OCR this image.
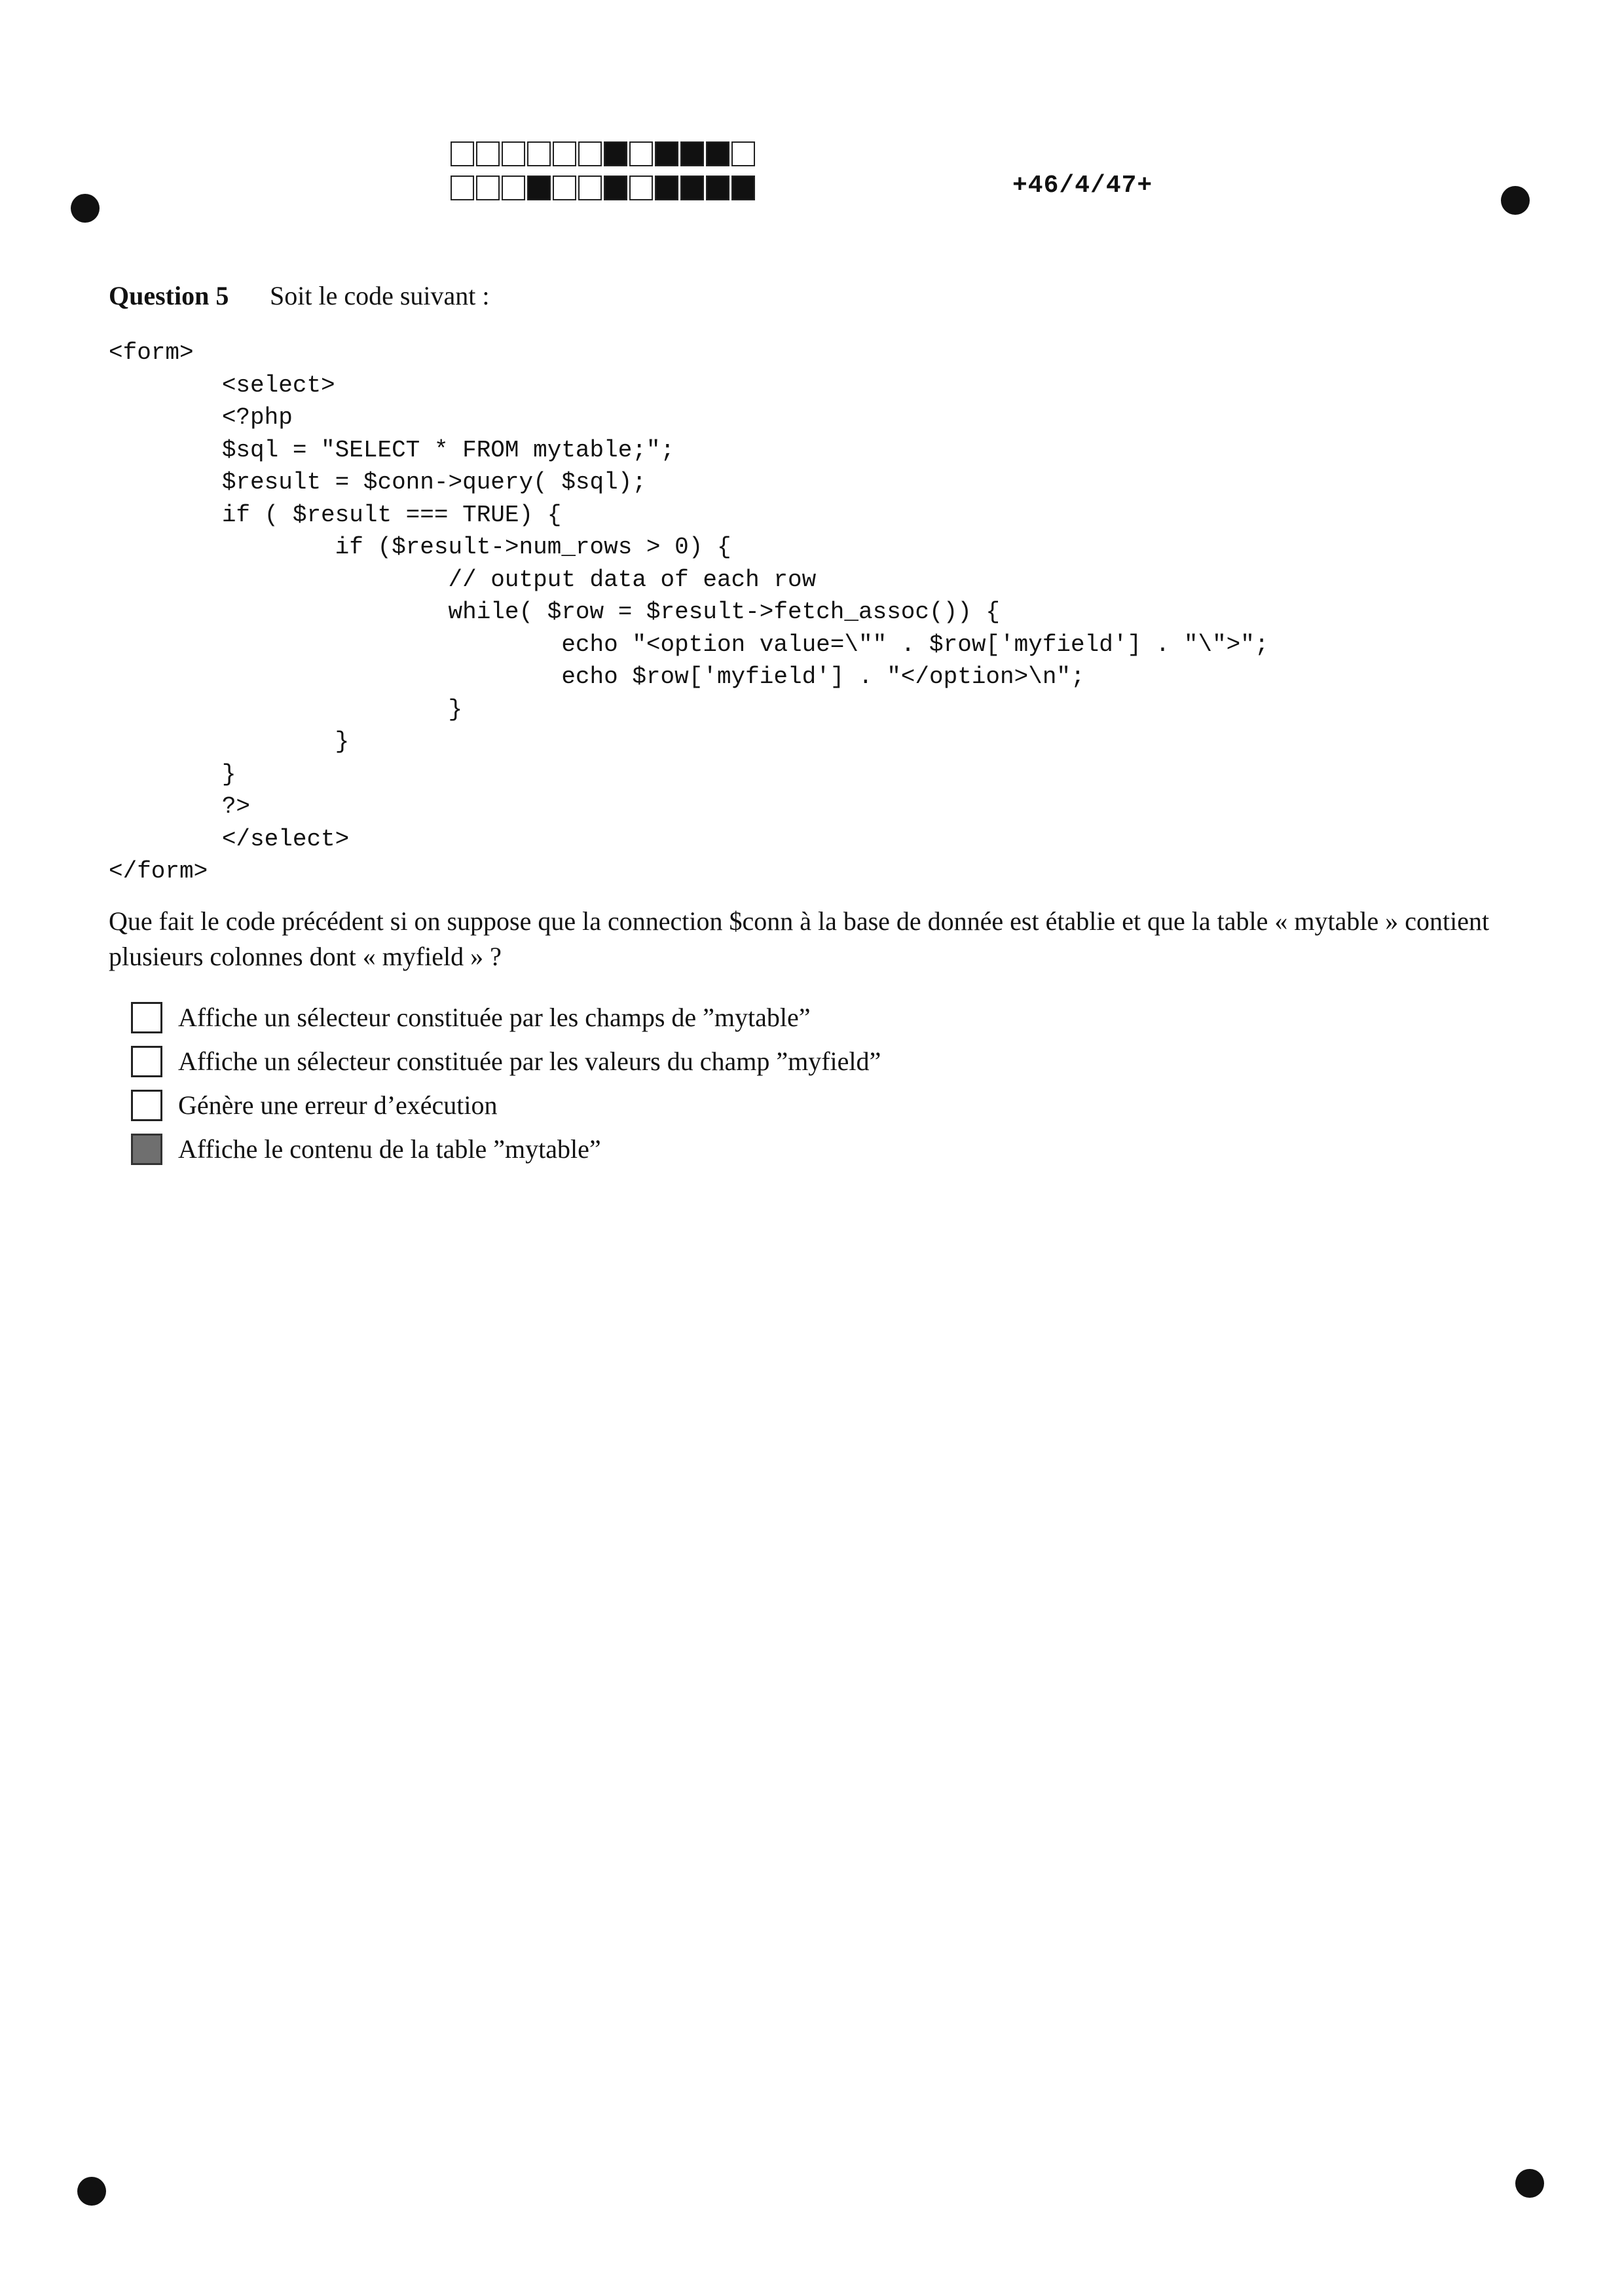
+46/4/47+
Question 5 Soit le code suivant :
<form>
<select>
<?php
$sql = "SELECT * FROM mytable;";
$result = $conn->query( $sql);
if ( $result === TRUE) {
if ($result->num_rows > 0) {
// output data of each row
while( $row = $result->fetch_assoc()) {
echo "<option value=\"" . $row['myfield'] . "\">";
echo $row['myfield'] . "</option>\n";
}
}
}
?>
</select>
</form>
Que fait le code précédent si on suppose que la connection $conn à la base de donnée est établie et que la table « mytable » contient plusieurs colonnes dont « myfield » ?
Affiche un sélecteur constituée par les champs de ”mytable”
Affiche un sélecteur constituée par les valeurs du champ ”myfield”
Génère une erreur d’exécution
Affiche le contenu de la table ”mytable”
